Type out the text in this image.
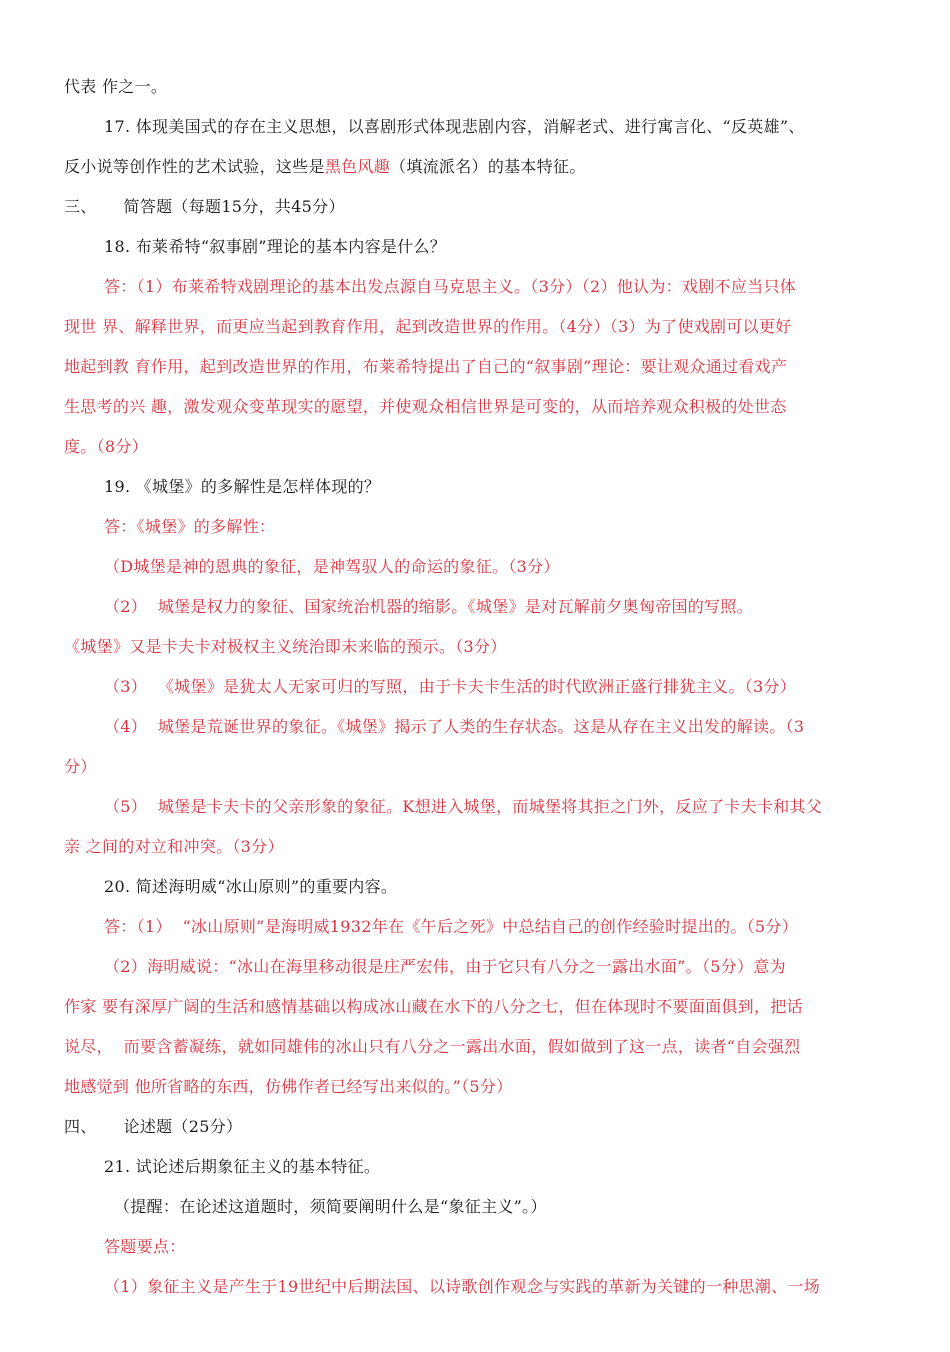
代表 作之一。
17. 体现美国式的存在主义思想，以喜剧形式体现悲剧内容，消解老式、进行寓言化、“反英雄”、
反小说等创作性的艺术试验，这些是黑色风趣（填流派名）的基本特征。
三、     简答题（每题15分，共45分）
18. 布莱希特“叙事剧”理论的基本内容是什么？
答：（1）布莱希特戏剧理论的基本出发点源自马克思主义。（3分）（2）他认为：戏剧不应当只体
现世 界、解释世界，而更应当起到教育作用，起到改造世界的作用。（4分）（3）为了使戏剧可以更好
地起到教 育作用，起到改造世界的作用，布莱希特提出了自己的“叙事剧”理论：要让观众通过看戏产
生思考的兴 趣，激发观众变革现实的愿望，并使观众相信世界是可变的，从而培养观众积极的处世态
度。（8分）
19. 《城堡》的多解性是怎样体现的？
答：《城堡》的多解性：
（D城堡是神的恩典的象征，是神驾驭人的命运的象征。（3分）
（2）  城堡是权力的象征、国家统治机器的缩影。《城堡》是对瓦解前夕奥匈帝国的写照。
《城堡》又是卡夫卡对极权主义统治即未来临的预示。（3分）
（3）  《城堡》是犹太人无家可归的写照，由于卡夫卡生活的时代欧洲正盛行排犹主义。（3分）
（4）  城堡是荒诞世界的象征。《城堡》揭示了人类的生存状态。这是从存在主义出发的解读。（3
分）
（5）  城堡是卡夫卡的父亲形象的象征。K想进入城堡，而城堡将其拒之门外，反应了卡夫卡和其父
亲 之间的对立和冲突。（3分）
20. 简述海明威“冰山原则”的重要内容。
答：（1）  “冰山原则”是海明威1932年在《午后之死》中总结自己的创作经验时提出的。（5分）
（2）海明威说：“冰山在海里移动很是庄严宏伟，由于它只有八分之一露出水面”。（5分）意为
作家 要有深厚广阔的生活和感情基础以构成冰山藏在水下的八分之七，但在体现时不要面面俱到，把话
说尽，  而要含蓄凝练，就如同雄伟的冰山只有八分之一露出水面，假如做到了这一点，读者“自会强烈
地感觉到 他所省略的东西，仿佛作者已经写出来似的。”（5分）
四、     论述题（25分）
21. 试论述后期象征主义的基本特征。
（提醒：在论述这道题时，须简要阐明什么是“象征主义”。）
答题要点：
（1）象征主义是产生于19世纪中后期法国、以诗歌创作观念与实践的革新为关键的一种思潮、一场
